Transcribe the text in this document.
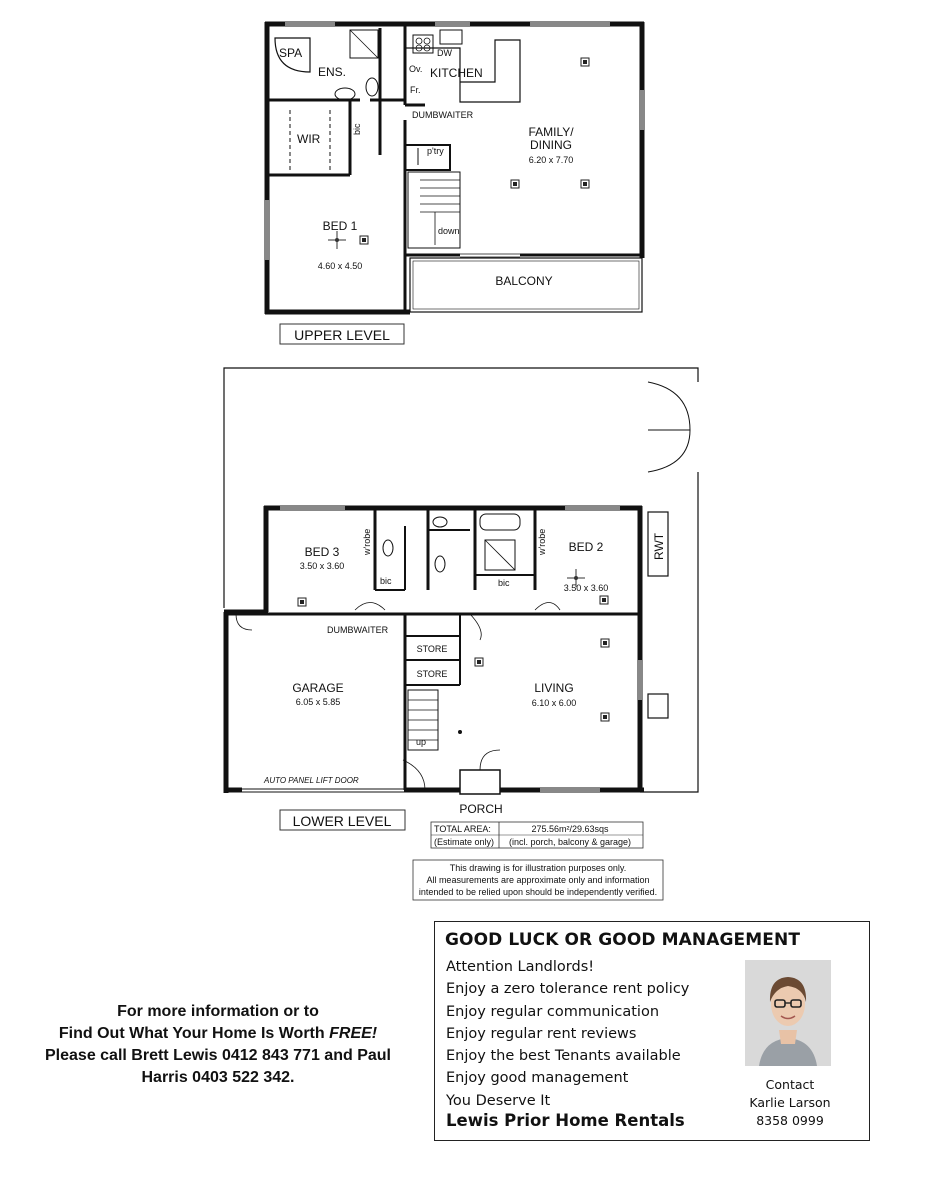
SPA
ENS.
WIR
bic
KITCHEN
DW
Ov.
Fr.
DUMBWAITER
p'try
FAMILY/
DINING
6.20 x 7.70
BED 1
4.60 x 4.50
down
BALCONY
UPPER LEVEL
BED 3
3.50 x 3.60
w'robe
bic
w'robe
bic
BED 2
3.50 x 3.60
RWT
DUMBWAITER
STORE
STORE
GARAGE
6.05 x 5.85
LIVING
6.10 x 6.00
up
AUTO PANEL LIFT DOOR
PORCH
LOWER LEVEL	TOTAL AREA:
(Estimate only)
275.56m²/29.63sqs
(incl. porch, balcony & garage)
This drawing is for illustration purposes only.
All measurements are approximate only and information
intended to be relied upon should be independently verified.
For more information or to
Find Out What Your Home Is Worth FREE!
Please call Brett Lewis 0412 843 771 and Paul
Harris 0403 522 342.
GOOD LUCK OR GOOD MANAGEMENT
Attention Landlords!
Enjoy a zero tolerance rent policy
Enjoy regular communication
Enjoy regular rent reviews
Enjoy the best Tenants available
Enjoy good management
You Deserve It
Lewis Prior Home Rentals
Contact
Karlie Larson
8358 0999
